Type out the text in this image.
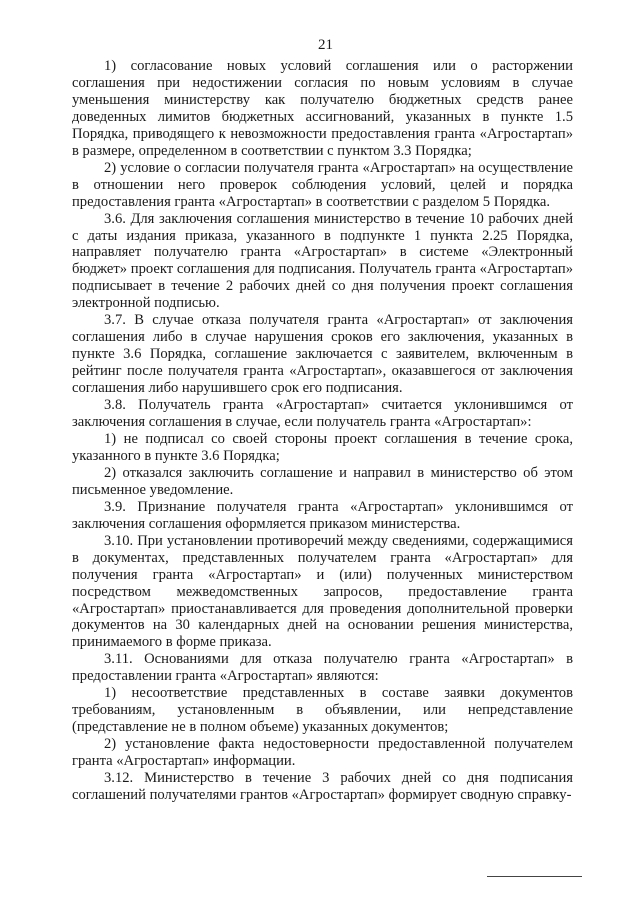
21

1) согласование новых условий соглашения или о расторжении соглашения при недостижении согласия по новым условиям в случае уменьшения министерству как получателю бюджетных средств ранее доведенных лимитов бюджетных ассигнований, указанных в пункте 1.5 Порядка, приводящего к невозможности предоставления гранта «Агростартап» в размере, определенном в соответствии с пунктом 3.3 Порядка;

2) условие о согласии получателя гранта «Агростартап» на осуществление в отношении него проверок соблюдения условий, целей и порядка предоставления гранта «Агростартап» в соответствии с разделом 5 Порядка.

3.6. Для заключения соглашения министерство в течение 10 рабочих дней с даты издания приказа, указанного в подпункте 1 пункта 2.25 Порядка, направляет получателю гранта «Агростартап» в системе «Электронный бюджет» проект соглашения для подписания. Получатель гранта «Агростартап» подписывает в течение 2 рабочих дней со дня получения проект соглашения электронной подписью.

3.7. В случае отказа получателя гранта «Агростартап» от заключения соглашения либо в случае нарушения сроков его заключения, указанных в пункте 3.6 Порядка, соглашение заключается с заявителем, включенным в рейтинг после получателя гранта «Агростартап», оказавшегося от заключения соглашения либо нарушившего срок его подписания.

3.8. Получатель гранта «Агростартап» считается уклонившимся от заключения соглашения в случае, если получатель гранта «Агростартап»:

1) не подписал со своей стороны проект соглашения в течение срока, указанного в пункте 3.6 Порядка;

2) отказался заключить соглашение и направил в министерство об этом письменное уведомление.

3.9. Признание получателя гранта «Агростартап» уклонившимся от заключения соглашения оформляется приказом министерства.

3.10. При установлении противоречий между сведениями, содержащимися в документах, представленных получателем гранта «Агростартап» для получения гранта «Агростартап» и (или) полученных министерством посредством межведомственных запросов, предоставление гранта «Агростартап» приостанавливается для проведения дополнительной проверки документов на 30 календарных дней на основании решения министерства, принимаемого в форме приказа.

3.11. Основаниями для отказа получателю гранта «Агростартап» в предоставлении гранта «Агростартап» являются:

1) несоответствие представленных в составе заявки документов требованиям, установленным в объявлении, или непредставление (представление не в полном объеме) указанных документов;

2) установление факта недостоверности предоставленной получателем гранта «Агростартап» информации.

3.12. Министерство в течение 3 рабочих дней со дня подписания соглашений получателями грантов «Агростартап» формирует сводную справку-
